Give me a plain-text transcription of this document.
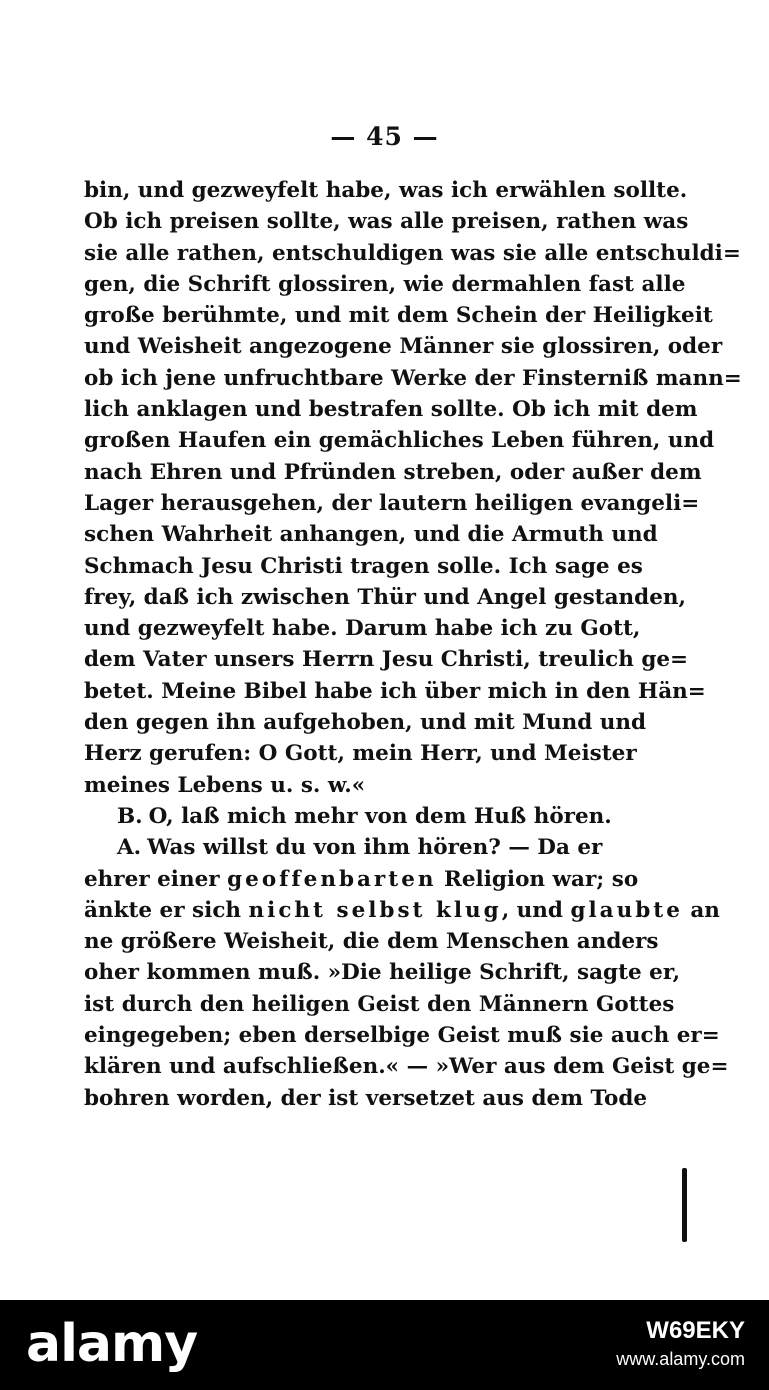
— 45 —
bin, und gezweyfelt habe, was ich erwählen sollte.
Ob ich preisen sollte, was alle preisen, rathen was
sie alle rathen, entschuldigen was sie alle entschuldi=
gen, die Schrift glossiren, wie dermahlen fast alle
große berühmte, und mit dem Schein der Heiligkeit
und Weisheit angezogene Männer sie glossiren, oder
ob ich jene unfruchtbare Werke der Finsterniß mann=
lich anklagen und bestrafen sollte. Ob ich mit dem
großen Haufen ein gemächliches Leben führen, und
nach Ehren und Pfründen streben, oder außer dem
Lager herausgehen, der lautern heiligen evangeli=
schen Wahrheit anhangen, und die Armuth und
Schmach Jesu Christi tragen solle. Ich sage es
frey, daß ich zwischen Thür und Angel gestanden,
und gezweyfelt habe. Darum habe ich zu Gott,
dem Vater unsers Herrn Jesu Christi, treulich ge=
betet. Meine Bibel habe ich über mich in den Hän=
den gegen ihn aufgehoben, und mit Mund und
Herz gerufen: O Gott, mein Herr, und Meister
meines Lebens u. s. w.«
B. O, laß mich mehr von dem Huß hören.
A. Was willst du von ihm hören? — Da er
ehrer einer geoffenbarten Religion war; so
änkte er sich nicht selbst klug, und glaubte an
ne größere Weisheit, die dem Menschen anders
oher kommen muß. »Die heilige Schrift, sagte er,
ist durch den heiligen Geist den Männern Gottes
eingegeben; eben derselbige Geist muß sie auch er=
klären und aufschließen.« — »Wer aus dem Geist ge=
bohren worden, der ist versetzet aus dem Tode
alamy	W69EKY
www.alamy.com
